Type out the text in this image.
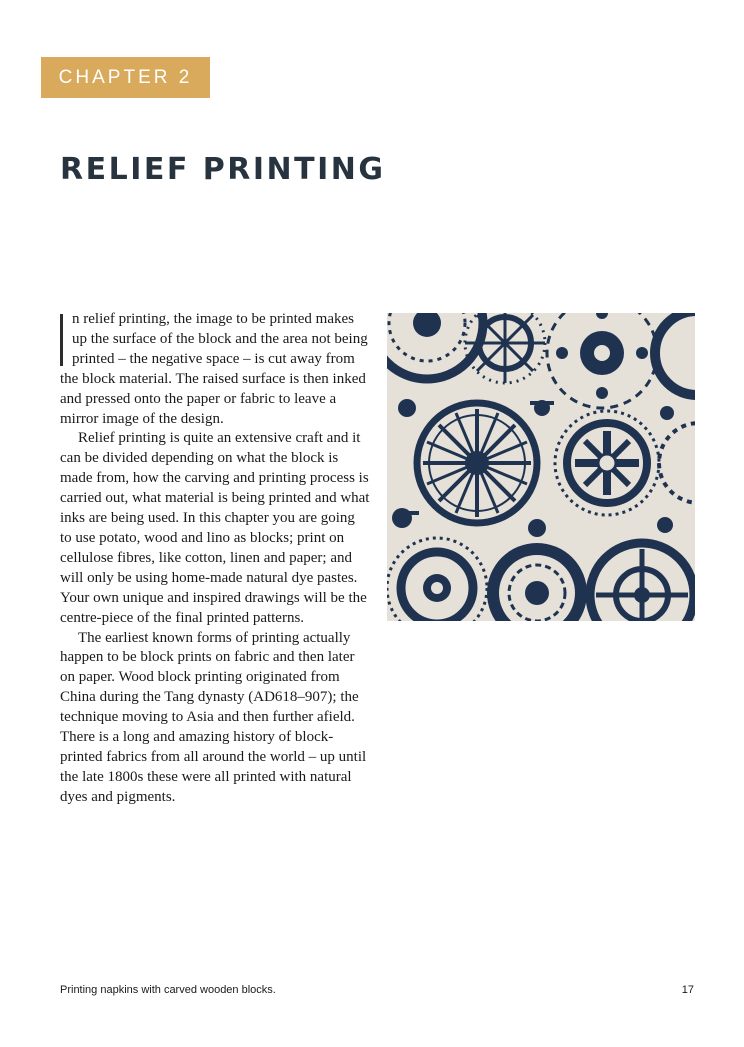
CHAPTER 2
RELIEF PRINTING

n relief printing, the image to be printed makes up the surface of the block and the area not being printed – the negative space – is cut away from the block material. The raised surface is then inked and pressed onto the paper or fabric to leave a mirror image of the design.

Relief printing is quite an extensive craft and it can be divided depending on what the block is made from, how the carving and printing process is carried out, what material is being printed and what inks are being used. In this chapter you are going to use potato, wood and lino as blocks; print on cellulose fibres, like cotton, linen and paper; and will only be using home-made natural dye pastes. Your own unique and inspired drawings will be the centre-piece of the final printed patterns.

The earliest known forms of printing actually happen to be block prints on fabric and then later on paper. Wood block printing originated from China during the Tang dynasty (AD618–907); the technique moving to Asia and then further afield. There is a long and amazing history of block-printed fabrics from all around the world – up until the late 1800s these were all printed with natural dyes and pigments.

Printing napkins with carved wooden blocks.	17
